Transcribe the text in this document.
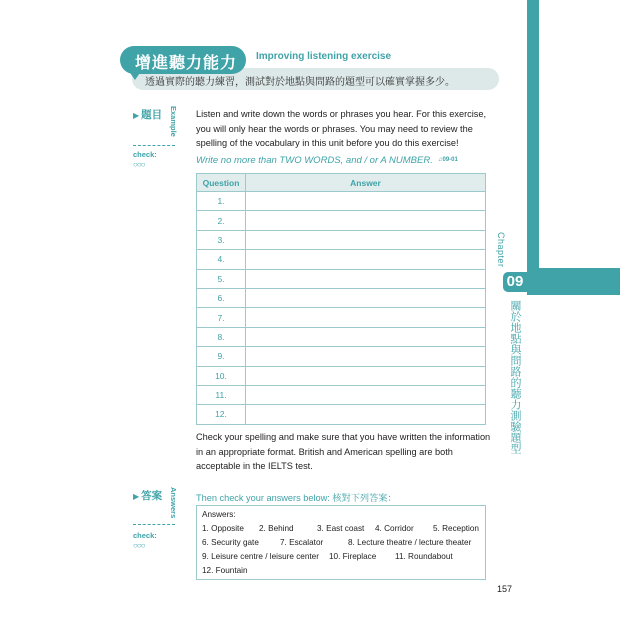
Chapter
09
關於地點與問路的聽力測驗題型
透過實際的聽力練習，測試對於地點與問路的題型可以確實掌握多少。
增進聽力能力 Improving listening exercise
▶ 題目 Example
check:
○○○
▶ 答案 Answers
check:
○○○
Listen and write down the words or phrases you hear. For this exercise, you will only hear the words or phrases. You may need to review the spelling of the vocabulary in this unit before you do this exercise!
Write no more than TWO WORDS, and / or A NUMBER. ♫09-01
Question	Answer
1.	
2.	
3.	
4.	
5.	
6.	
7.	
8.	
9.	
10.	
11.	
12.	
Check your spelling and make sure that you have written the information in an appropriate format. British and American spelling are both acceptable in the IELTS test.
Then check your answers below: 核對下列答案：
Answers:
1. Opposite 2. Behind	3. East coast 4. Corridor 5. Reception
6. Security gate	7. Escalator	8. Lecture theatre / lecture theater
9. Leisure centre / leisure center 10. Fireplace 11. Roundabout
12. Fountain
157
